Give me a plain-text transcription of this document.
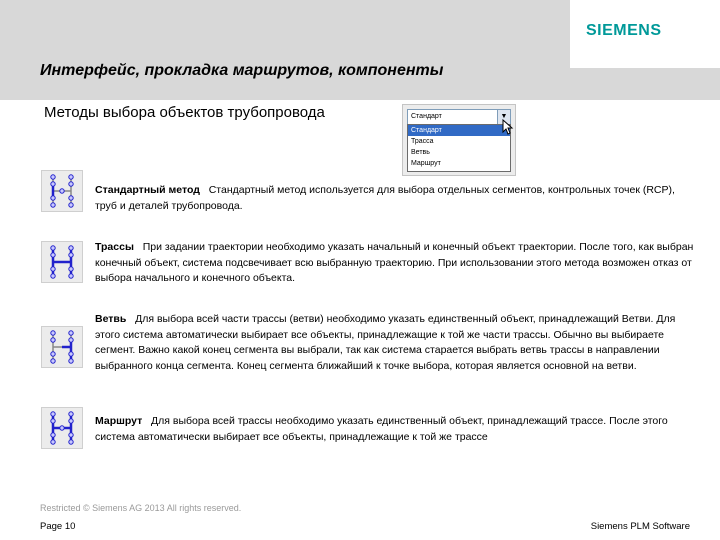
SIEMENS
Интерфейс, прокладка маршрутов, компоненты
Методы выбора объектов трубопровода	Стандарт	▼
Стандарт
Трасса
Ветвь
Маршрут
Стандартный метод Стандартный метод используется для выбора отдельных сегментов, контрольных точек (RCP), труб и деталей трубопровода.
Трассы При задании траектории необходимо указать начальный и конечный объект траектории. После того, как выбран конечный объект, система подсвечивает всю выбранную траекторию. При использовании этого метода возможен отказ от выбора начального и конечного объекта.
Ветвь Для выбора всей части трассы (ветви) необходимо указать единственный объект, принадлежащий Ветви. Для этого система автоматически выбирает все объекты, принадлежащие к той же части трассы. Обычно вы выбираете сегмент. Важно какой конец сегмента вы выбрали, так как система старается выбрать ветвь трассы в направлении выбранного конца сегмента. Конец сегмента ближайший к точке выбора, которая является основной на ветви.
Маршрут Для выбора всей трассы необходимо указать единственный объект, принадлежащий трассе. После этого система автоматически выбирает все объекты, принадлежащие к той же трассе
Restricted © Siemens AG 2013 All rights reserved.
Page 10	Siemens PLM Software
